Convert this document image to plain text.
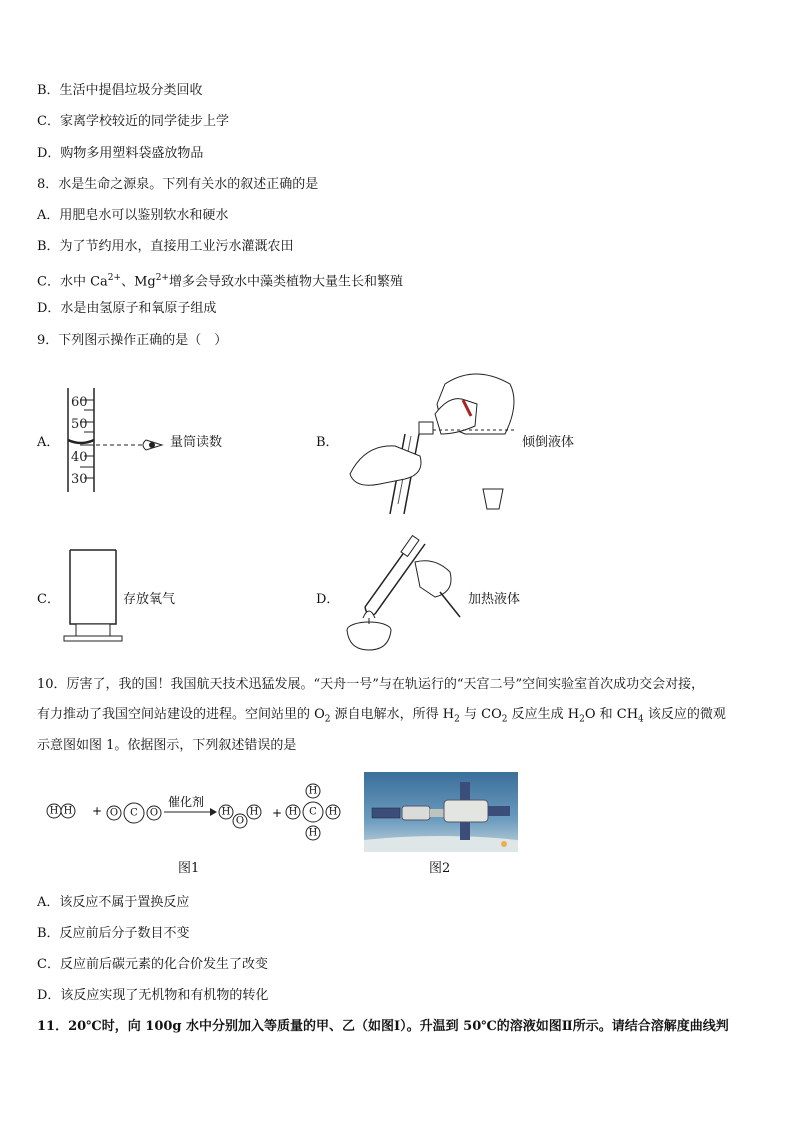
B．生活中提倡垃圾分类回收
C．家离学校较近的同学徒步上学
D．购物多用塑料袋盛放物品
8．水是生命之源泉。下列有关水的叙述正确的是
A．用肥皂水可以鉴别软水和硬水
B．为了节约用水，直接用工业污水灌溉农田
C．水中 $Ca^{2+}$、$Mg^{2+}$增多会导致水中藻类植物大量生长和繁殖
D．水是由氢原子和氧原子组成
9．下列图示操作正确的是（　）
A．
60
50
40
30
量筒读数	B．	倾倒液体
C．	存放氧气	D．	加热液体
10．厉害了，我的国！我国航天技术迅猛发展。“天舟一号”与在轨运行的“天宫二号”空间实验室首次成功交会对接，
有力推动了我国空间站建设的进程。空间站里的 $O_2$ 源自电解水，所得 $H_2$ 与 $CO_2$ 反应生成 $H_2O$ 和 $CH_4$ 该反应的微观
示意图如图 1。依据图示，下列叙述错误的是
H H + O C O
催化剂
H
O
H +
H
H C H
H
图1	图2
A．该反应不属于置换反应
B．反应前后分子数目不变
C．反应前后碳元素的化合价发生了改变
D．该反应实现了无机物和有机物的转化
11．20℃时，向 100g 水中分别加入等质量的甲、乙（如图Ⅰ）。升温到 50℃的溶液如图Ⅱ所示。请结合溶解度曲线判
